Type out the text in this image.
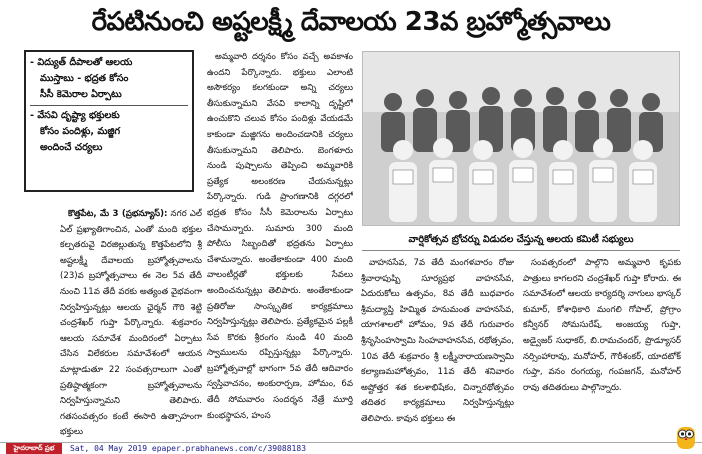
రేపటినుంచి అష్టలక్ష్మీ దేవాలయ 23వ బ్రహ్మోత్సవాలు
- విద్యుత్ దీపాలతో ఆలయ
ముస్తాబు - భద్రత కోసం
సీసీ కెమెరాల ఏర్పాటు
- వేసవి దృష్ట్యా భక్తులకు
కోసం పందిళ్లు, మజ్జిగ
అందించే చర్యలు

కొత్తపేట, మే 3 (ప్రభన్యూస్): నగర ఎల్ ఏల్ ప్రఖ్యాతిగాంచిన, ఎంతో మంది భక్తుల కల్పతరువై విరజిల్లుతున్న కొత్తపేటలోని శ్రీ అష్టలక్ష్మీ దేవాలయ బ్రహ్మోత్సవాలను (23)వ బ్రహ్మోత్సవాలు ఈ నెల 5వ తేదీ నుంచి 11వ తేదీ వరకు అత్యంత వైభవంగా నిర్వహిస్తున్నట్లు ఆలయ ఛైర్మన్ గౌరి శెట్టి చంద్రశేఖర్ గుప్తా పేర్కొన్నారు. శుక్రవారం ఆలయ సమావేశ మందిరంలో ఏర్పాటు చేసిన విలేకరుల సమావేశంలో ఆయన మాట్లాడుతూ 22 సంవత్సరాలుగా ఎంతో ప్రతిష్ఠాత్మకంగా బ్రహ్మోత్సవాలను నిర్వహిస్తున్నామని తెలిపారు. గతసంవత్సరం కంటే ఈసారి ఉత్సాహంగా భక్తులు

అమ్మవారి దర్శనం కోసం వచ్చే అవకాశం ఉందని పేర్కొన్నారు. భక్తులు ఎలాంటి అసౌకర్యం కలగకుండా అన్ని చర్యలు తీసుకున్నామని వేసవి కాలాన్ని దృష్టిలో ఉంచుకొని చలువ కోసం పందిళ్లు వేయడమే కాకుండా మజ్జిగను అందించడానికి చర్యలు తీసుకున్నామని తెలిపారు. బెంగళూరు నుండి పుష్పాలను తెప్పించి అమ్మవారికి ప్రత్యేక అలంకరణ చేయనున్నట్లు పేర్కొన్నారు. గుడి ప్రాంగణానికి దగ్గరలో భద్రత కోసం సీసీ కెమెరాలను ఏర్పాటు చేసామన్నారు. సుమారు 300 మంది పోలీసు సిబ్బందితో భద్రతను ఏర్పాటు చేశామన్నారు. అంతేకాకుండా 400 మంది వాలంటీర్లతో భక్తులకు సేవలు అందించనున్నట్లు తెలిపారు. అంతేకాకుండా ప్రతిరోజు సాంస్కృతిక కార్యక్రమాలు నిర్వహిస్తున్నట్లు తెలిపారు. ప్రత్యేకమైన పల్లకీ సేవ కొరకు శ్రీరంగం నుండి 40 మంది స్వాములను రప్పిస్తున్నట్లు పేర్కొన్నారు. బ్రహ్మోత్సవాల్లో భాగంగా 5వ తేదీ ఆదివారం స్వస్తివాచనం, అంకురార్పణ, హోమం, 6వ తేదీ సోమవారం సందర్శన నేత్రే మూర్తి కుంభస్థాపన, హంస

వార్షికోత్సవ బ్రోచర్ను విడుదల చేస్తున్న ఆలయ కమిటీ సభ్యులు

వాహనసేవ, 7వ తేదీ మంగళవారం రోజు శ్రీవారాపుష్పి సూర్యప్రభ వాహనసేవ, ఏదురుకోలు ఉత్సవం, 8వ తేదీ బుధవారం శ్రీమద్యాప్తి హిమ్మిత హనుమంత వాహనసేవ, యాగశాలలో హోమం, 9వ తేదీ గురువారం శ్రీనృసింహస్వామి సింహవాహనసేవ, రథోత్సవం, 10వ తేదీ శుక్రవారం శ్రీ లక్ష్మీనారాయణస్వామి కల్యాణమహోత్సవం, 11వ తేదీ శనివారం అష్టోత్తర శత కలశాభిషేకం, చిన్నారథోత్సవం తదితర కార్యక్రమాలు నిర్వహిస్తున్నట్లు తెలిపారు. కావున భక్తులు ఈ

సంవత్సరంలో పాల్గొని అమ్మవారి కృపకు పాత్రులు కాగలరని చంద్రశేఖర్ గుప్తా కోరారు. ఈ సమావేశంలో ఆలయ కార్యదర్శి నాగులు భాస్కర్ కుమార్, కోశాధికారి మంగలి గోపాల్, ప్రోగ్రాం కన్వీనర్ సోమసురేష్, అంజయ్య గుప్తా, అడ్వైజర్ సుధాకర్, బి.రామచందర్, ప్రొడ్యూసర్ నర్సింహారావు, మనోహర్, గౌరీశంకర్, యాదటోక్ గుప్తా, వనం రంగయ్య, గంపజగన్, మనోహర్ రావు తదితరులు పాల్గొన్నారు.

హైదరాబాద్ ప్రభ	Sat, 04 May 2019 epaper.prabhanews.com/c/39088183
